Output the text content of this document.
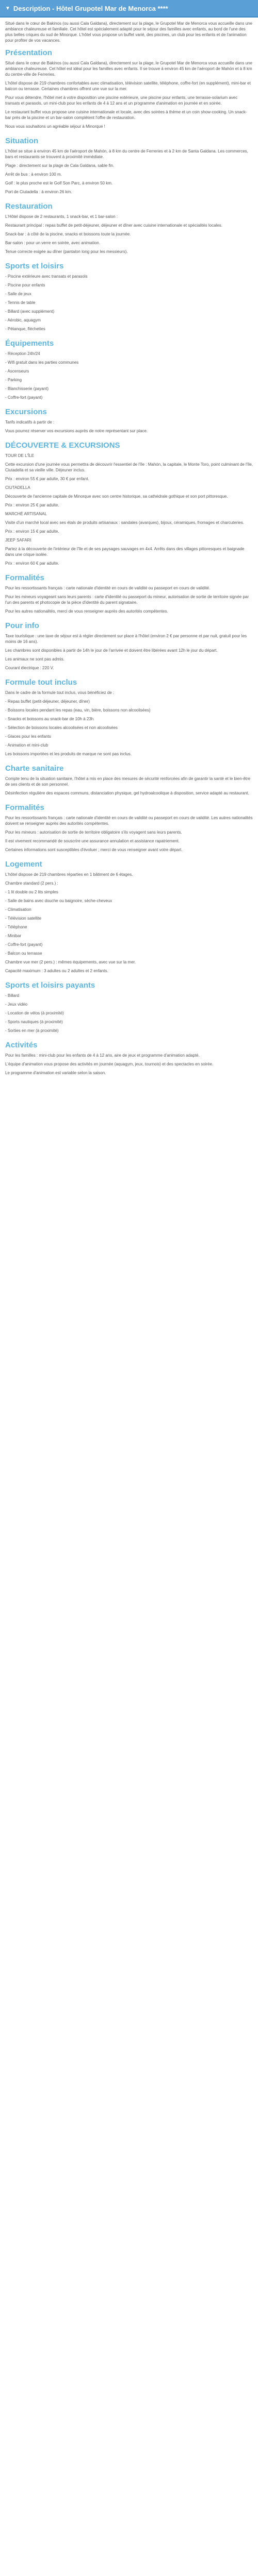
▼ Description - Hôtel Grupotel Mar de Menorca ****

Situé dans le cœur de Bakinos (ou aussi Cala Galdana), directement sur la plage, le Grupotel Mar de Menorca vous accueille dans une ambiance chaleureuse et familiale. Cet hôtel est spécialement adapté pour le séjour des familles avec enfants, au bord de l'une des plus belles criques du sud de Minorque. L'hôtel vous propose un buffet varié, des piscines, un club pour les enfants et de l'animation pour profiter de vos vacances.

Présentation

Situé dans le cœur de Bakinos (ou aussi Cala Galdana), directement sur la plage, le Grupotel Mar de Menorca vous accueille dans une ambiance chaleureuse. Cet hôtel est idéal pour les familles avec enfants. Il se trouve à environ 45 km de l'aéroport de Mahón et à 8 km du centre-ville de Ferreries.

L'hôtel dispose de 219 chambres confortables avec climatisation, télévision satellite, téléphone, coffre-fort (en supplément), mini-bar et balcon ou terrasse. Certaines chambres offrent une vue sur la mer.

Pour vous détendre, l'hôtel met à votre disposition une piscine extérieure, une piscine pour enfants, une terrasse-solarium avec transats et parasols, un mini-club pour les enfants de 4 à 12 ans et un programme d'animation en journée et en soirée.

Le restaurant buffet vous propose une cuisine internationale et locale, avec des soirées à thème et un coin show-cooking. Un snack-bar près de la piscine et un bar-salon complètent l'offre de restauration.

Nous vous souhaitons un agréable séjour à Minorque !

Situation

L'hôtel se situe à environ 45 km de l'aéroport de Mahón, à 8 km du centre de Ferreries et à 2 km de Santa Galdana. Les commerces, bars et restaurants se trouvent à proximité immédiate.

Plage : directement sur la plage de Cala Galdana, sable fin.

Arrêt de bus : à environ 100 m.

Golf : le plus proche est le Golf Son Parc, à environ 50 km.

Port de Ciutadella : à environ 26 km.

Restauration

L'Hôtel dispose de 2 restaurants, 1 snack-bar, et 1 bar-salon :

Restaurant principal : repas buffet de petit-déjeuner, déjeuner et dîner avec cuisine internationale et spécialités locales.

Snack-bar : à côté de la piscine, snacks et boissons toute la journée.

Bar-salon : pour un verre en soirée, avec animation.

Tenue correcte exigée au dîner (pantalon long pour les messieurs).

Sports et loisirs

- Piscine extérieure avec transats et parasols

- Piscine pour enfants

- Salle de jeux

- Tennis de table

- Billard (avec supplément)

- Aérobic, aquagym

- Pétanque, fléchettes

Équipements

- Réception 24h/24

- Wifi gratuit dans les parties communes

- Ascenseurs

- Parking

- Blanchisserie (payant)

- Coffre-fort (payant)

Excursions

Tarifs indicatifs à partir de :

Vous pourrez réserver vos excursions auprès de notre représentant sur place.

DÉCOUVERTE & EXCURSIONS

TOUR DE L'ÎLE

Cette excursion d'une journée vous permettra de découvrir l'essentiel de l'île : Mahón, la capitale, le Monte Toro, point culminant de l'île, Ciutadella et sa vieille ville. Déjeuner inclus.

Prix : environ 55 € par adulte, 30 € par enfant.

CIUTADELLA

Découverte de l'ancienne capitale de Minorque avec son centre historique, sa cathédrale gothique et son port pittoresque.

Prix : environ 25 € par adulte.

MARCHÉ ARTISANAL

Visite d'un marché local avec ses étals de produits artisanaux : sandales (avarques), bijoux, céramiques, fromages et charcuteries.

Prix : environ 15 € par adulte.

JEEP SAFARI

Partez à la découverte de l'intérieur de l'île et de ses paysages sauvages en 4x4. Arrêts dans des villages pittoresques et baignade dans une crique isolée.

Prix : environ 60 € par adulte.

Formalités

Pour les ressortissants français : carte nationale d'identité en cours de validité ou passeport en cours de validité.

Pour les mineurs voyageant sans leurs parents : carte d'identité ou passeport du mineur, autorisation de sortie de territoire signée par l'un des parents et photocopie de la pièce d'identité du parent signataire.

Pour les autres nationalités, merci de vous renseigner auprès des autorités compétentes.

Pour info

Taxe touristique : une taxe de séjour est à régler directement sur place à l'hôtel (environ 2 € par personne et par nuit, gratuit pour les moins de 16 ans).

Les chambres sont disponibles à partir de 14h le jour de l'arrivée et doivent être libérées avant 12h le jour du départ.

Les animaux ne sont pas admis.

Courant électrique : 220 V.

Formule tout inclus

Dans le cadre de la formule tout inclus, vous bénéficiez de :

- Repas buffet (petit-déjeuner, déjeuner, dîner)

- Boissons locales pendant les repas (eau, vin, bière, boissons non alcoolisées)

- Snacks et boissons au snack-bar de 10h à 23h

- Sélection de boissons locales alcoolisées et non alcoolisées

- Glaces pour les enfants

- Animation et mini-club

Les boissons importées et les produits de marque ne sont pas inclus.

Charte sanitaire

Compte tenu de la situation sanitaire, l'hôtel a mis en place des mesures de sécurité renforcées afin de garantir la santé et le bien-être de ses clients et de son personnel.

Désinfection régulière des espaces communs, distanciation physique, gel hydroalcoolique à disposition, service adapté au restaurant.

Formalités

Pour les ressortissants français : carte nationale d'identité en cours de validité ou passeport en cours de validité. Les autres nationalités doivent se renseigner auprès des autorités compétentes.

Pour les mineurs : autorisation de sortie de territoire obligatoire s'ils voyagent sans leurs parents.

Il est vivement recommandé de souscrire une assurance annulation et assistance rapatriement.

Certaines informations sont susceptibles d'évoluer ; merci de vous renseigner avant votre départ.

Logement

L'hôtel dispose de 219 chambres réparties en 1 bâtiment de 6 étages.

Chambre standard (2 pers.) :

- 1 lit double ou 2 lits simples

- Salle de bains avec douche ou baignoire, sèche-cheveux

- Climatisation

- Télévision satellite

- Téléphone

- Minibar

- Coffre-fort (payant)

- Balcon ou terrasse

Chambre vue mer (2 pers.) : mêmes équipements, avec vue sur la mer.

Capacité maximum : 3 adultes ou 2 adultes et 2 enfants.

Sports et loisirs payants

- Billard

- Jeux vidéo

- Location de vélos (à proximité)

- Sports nautiques (à proximité)

- Sorties en mer (à proximité)

Activités

Pour les familles : mini-club pour les enfants de 4 à 12 ans, aire de jeux et programme d'animation adapté.

L'équipe d'animation vous propose des activités en journée (aquagym, jeux, tournois) et des spectacles en soirée.

Le programme d'animation est variable selon la saison.
